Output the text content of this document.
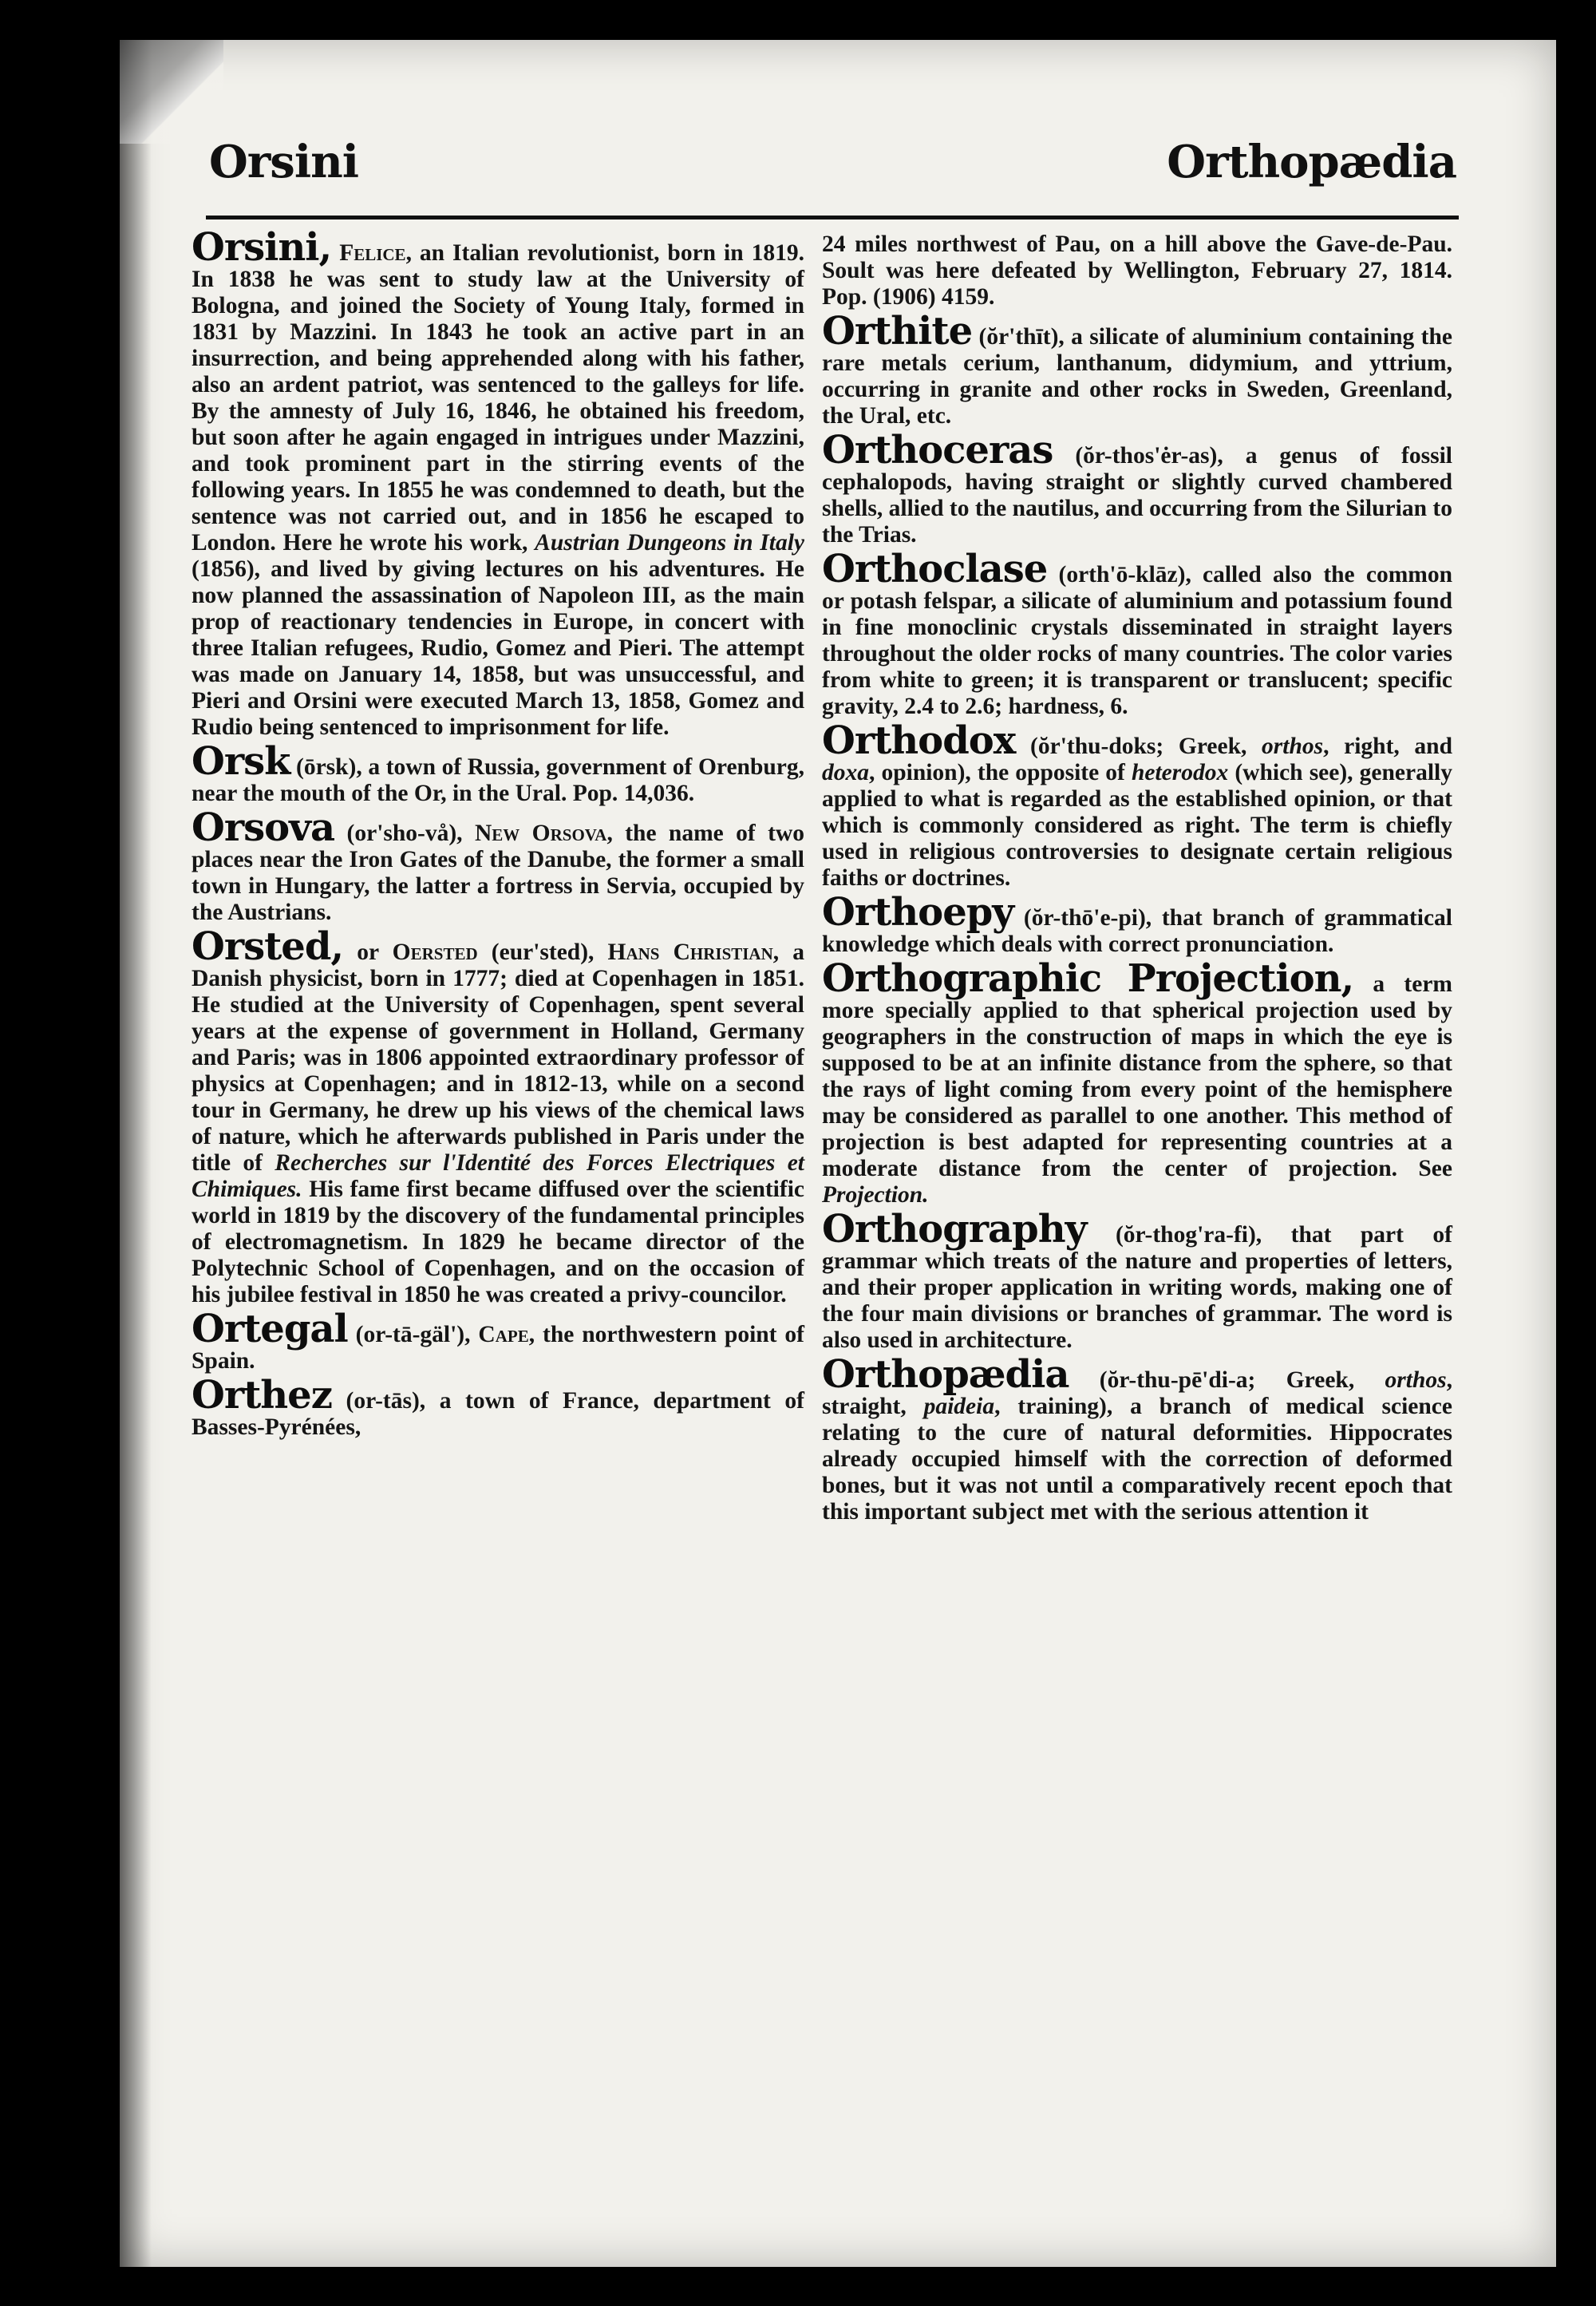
Orsini	Orthopædia

Orsini, Felice, an Italian revolutionist, born in 1819. In 1838 he was sent to study law at the University of Bologna, and joined the Society of Young Italy, formed in 1831 by Mazzini. In 1843 he took an active part in an insurrection, and being apprehended along with his father, also an ardent patriot, was sentenced to the galleys for life. By the amnesty of July 16, 1846, he obtained his freedom, but soon after he again engaged in intrigues under Mazzini, and took prominent part in the stirring events of the following years. In 1855 he was condemned to death, but the sentence was not carried out, and in 1856 he escaped to London. Here he wrote his work, Austrian Dungeons in Italy (1856), and lived by giving lectures on his adventures. He now planned the assassination of Napoleon III, as the main prop of reactionary tendencies in Europe, in concert with three Italian refugees, Rudio, Gomez and Pieri. The attempt was made on January 14, 1858, but was unsuccessful, and Pieri and Orsini were executed March 13, 1858, Gomez and Rudio being sentenced to imprisonment for life.

Orsk (ōrsk), a town of Russia, government of Orenburg, near the mouth of the Or, in the Ural. Pop. 14,036.

Orsova (or'sho-vå), New Orsova, the name of two places near the Iron Gates of the Danube, the former a small town in Hungary, the latter a fortress in Servia, occupied by the Austrians.

Orsted, or Oersted (eur'sted), Hans Christian, a Danish physicist, born in 1777; died at Copenhagen in 1851. He studied at the University of Copenhagen, spent several years at the expense of government in Holland, Germany and Paris; was in 1806 appointed extraordinary professor of physics at Copenhagen; and in 1812-13, while on a second tour in Germany, he drew up his views of the chemical laws of nature, which he afterwards published in Paris under the title of Recherches sur l'Identité des Forces Electriques et Chimiques. His fame first became diffused over the scientific world in 1819 by the discovery of the fundamental principles of electromagnetism. In 1829 he became director of the Polytechnic School of Copenhagen, and on the occasion of his jubilee festival in 1850 he was created a privy-councilor.

Ortegal (or-tā-gäl'), Cape, the northwestern point of Spain.

Orthez (or-tās), a town of France, department of Basses-Pyrénées,

24 miles northwest of Pau, on a hill above the Gave-de-Pau. Soult was here defeated by Wellington, February 27, 1814. Pop. (1906) 4159.

Orthite (ŏr'thīt), a silicate of aluminium containing the rare metals cerium, lanthanum, didymium, and yttrium, occurring in granite and other rocks in Sweden, Greenland, the Ural, etc.

Orthoceras (ŏr-thos'ėr-as), a genus of fossil cephalopods, having straight or slightly curved chambered shells, allied to the nautilus, and occurring from the Silurian to the Trias.

Orthoclase (orth'ō-klāz), called also the common or potash felspar, a silicate of aluminium and potassium found in fine monoclinic crystals disseminated in straight layers throughout the older rocks of many countries. The color varies from white to green; it is transparent or translucent; specific gravity, 2.4 to 2.6; hardness, 6.

Orthodox (ŏr'thu-doks; Greek, orthos, right, and doxa, opinion), the opposite of heterodox (which see), generally applied to what is regarded as the established opinion, or that which is commonly considered as right. The term is chiefly used in religious controversies to designate certain religious faiths or doctrines.

Orthoepy (ŏr-thō'e-pi), that branch of grammatical knowledge which deals with correct pronunciation.

Orthographic Projection, a term more specially applied to that spherical projection used by geographers in the construction of maps in which the eye is supposed to be at an infinite distance from the sphere, so that the rays of light coming from every point of the hemisphere may be considered as parallel to one another. This method of projection is best adapted for representing countries at a moderate distance from the center of projection. See Projection.

Orthography (ŏr-thog'ra-fi), that part of grammar which treats of the nature and properties of letters, and their proper application in writing words, making one of the four main divisions or branches of grammar. The word is also used in architecture.

Orthopædia (ŏr-thu-pē'di-a; Greek, orthos, straight, paideia, training), a branch of medical science relating to the cure of natural deformities. Hippocrates already occupied himself with the correction of deformed bones, but it was not until a comparatively recent epoch that this important subject met with the serious attention it
